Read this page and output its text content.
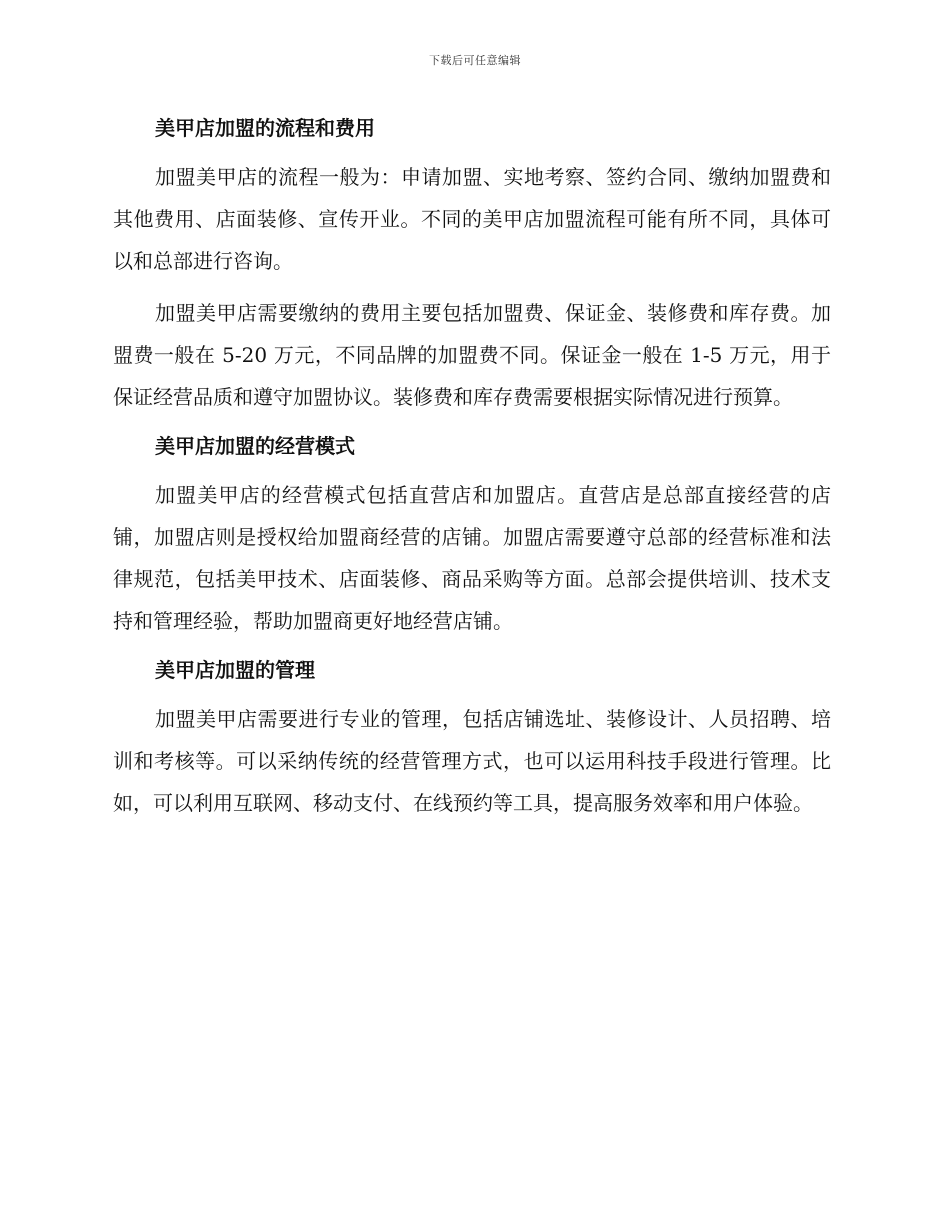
下载后可任意编辑
美甲店加盟的流程和费用

加盟美甲店的流程一般为：申请加盟、实地考察、签约合同、缴纳加盟费和其他费用、店面装修、宣传开业。不同的美甲店加盟流程可能有所不同，具体可以和总部进行咨询。

加盟美甲店需要缴纳的费用主要包括加盟费、保证金、装修费和库存费。加盟费一般在 5-20 万元，不同品牌的加盟费不同。保证金一般在 1-5 万元，用于保证经营品质和遵守加盟协议。装修费和库存费需要根据实际情况进行预算。

美甲店加盟的经营模式

加盟美甲店的经营模式包括直营店和加盟店。直营店是总部直接经营的店铺，加盟店则是授权给加盟商经营的店铺。加盟店需要遵守总部的经营标准和法律规范，包括美甲技术、店面装修、商品采购等方面。总部会提供培训、技术支持和管理经验，帮助加盟商更好地经营店铺。

美甲店加盟的管理

加盟美甲店需要进行专业的管理，包括店铺选址、装修设计、人员招聘、培训和考核等。可以采纳传统的经营管理方式，也可以运用科技手段进行管理。比如，可以利用互联网、移动支付、在线预约等工具，提高服务效率和用户体验。
